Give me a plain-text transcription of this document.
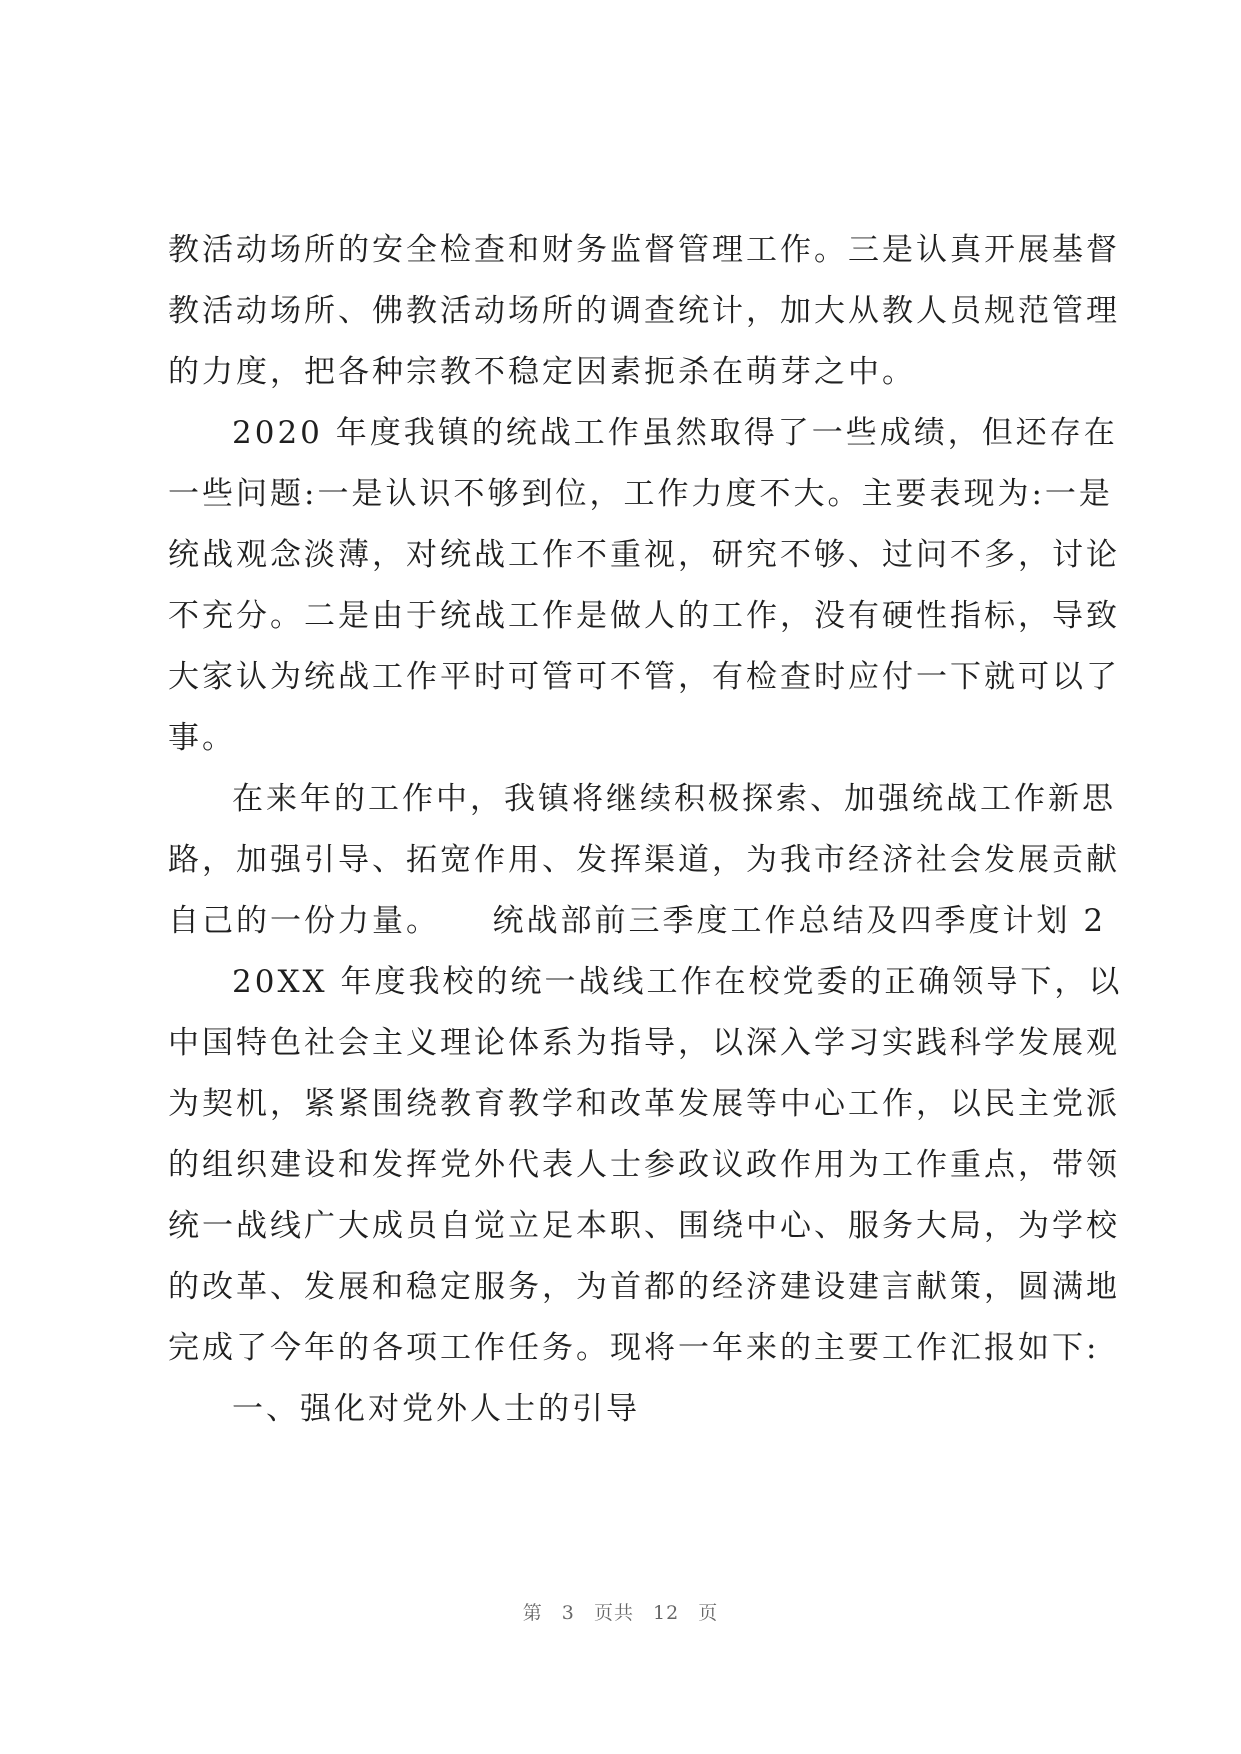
教活动场所的安全检查和财务监督管理工作。三是认真开展基督
教活动场所、佛教活动场所的调查统计，加大从教人员规范管理
的力度，把各种宗教不稳定因素扼杀在萌芽之中。

2020 年度我镇的统战工作虽然取得了一些成绩，但还存在
一些问题:一是认识不够到位，工作力度不大。主要表现为:一是
统战观念淡薄，对统战工作不重视，研究不够、过问不多，讨论
不充分。二是由于统战工作是做人的工作，没有硬性指标，导致
大家认为统战工作平时可管可不管，有检查时应付一下就可以了
事。

在来年的工作中，我镇将继续积极探索、加强统战工作新思
路，加强引导、拓宽作用、发挥渠道，为我市经济社会发展贡献
自己的一份力量。　　统战部前三季度工作总结及四季度计划 2

20XX 年度我校的统一战线工作在校党委的正确领导下，以
中国特色社会主义理论体系为指导，以深入学习实践科学发展观
为契机，紧紧围绕教育教学和改革发展等中心工作，以民主党派
的组织建设和发挥党外代表人士参政议政作用为工作重点，带领
统一战线广大成员自觉立足本职、围绕中心、服务大局，为学校
的改革、发展和稳定服务，为首都的经济建设建言献策，圆满地
完成了今年的各项工作任务。现将一年来的主要工作汇报如下:

一、强化对党外人士的引导

第 3 页共 12 页
